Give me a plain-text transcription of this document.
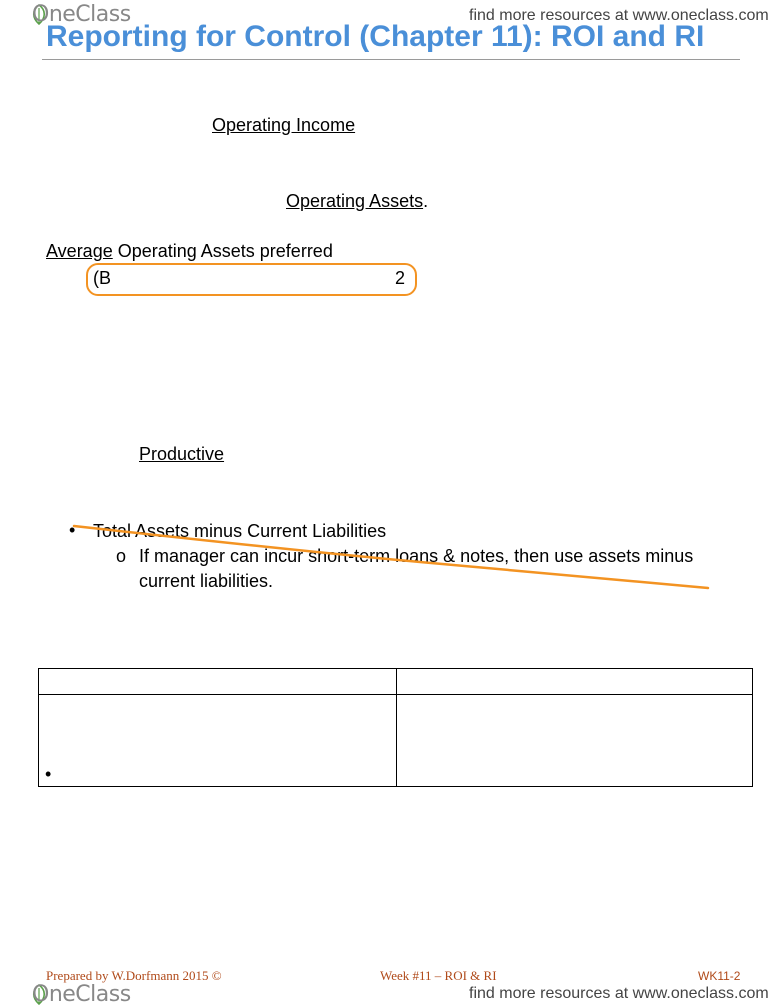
OneClass	find more resources at www.oneclass.com
Reporting for Control (Chapter 11): ROI and RI
Operating Income
Operating Assets.
Average Operating Assets preferred
(B	2
Productive
• Total Assets minus Current Liabilities
o If manager can incur short-term loans & notes, then use assets minus
current liabilities.
•
Prepared by W.Dorfmann 2015 ©	Week #11 – ROI & RI	WK11-2
OneClass	find more resources at www.oneclass.com
